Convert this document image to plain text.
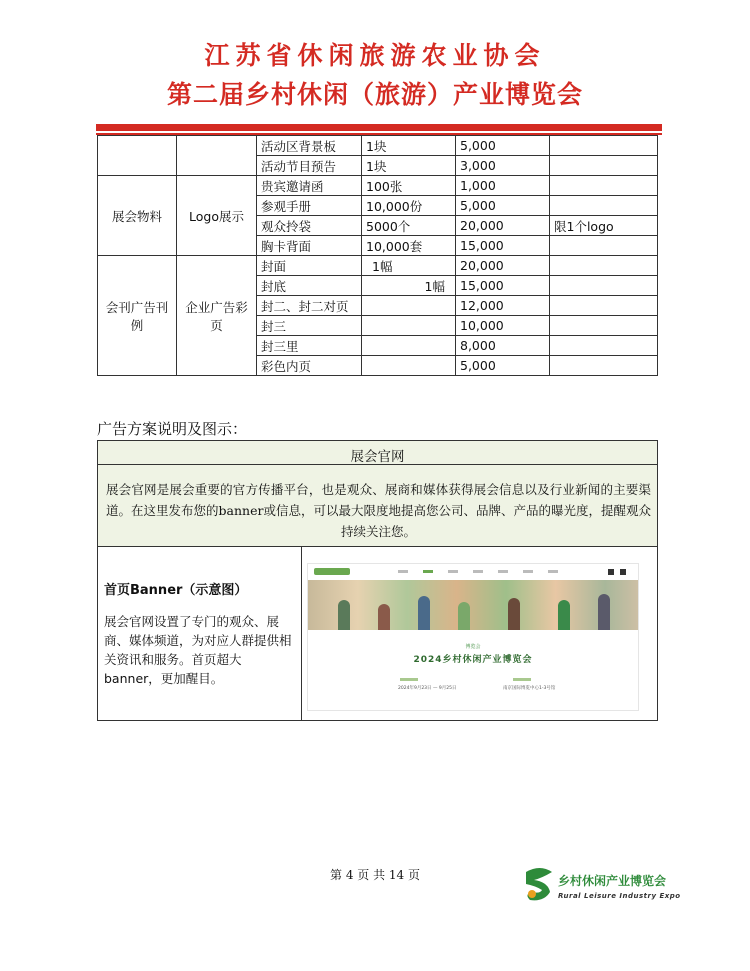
江苏省休闲旅游农业协会
第二届乡村休闲（旅游）产业博览会
		活动区背景板	1块	5,000	
		活动节目预告	1块	3,000	
展会物料	Logo展示	贵宾邀请函	100张	1,000	
		参观手册	10,000份	5,000	
		观众拎袋	5000个	20,000	限1个logo
		胸卡背面	10,000套	15,000	
会刊广告刊例	企业广告彩页	封面	1幅	20,000	
		封底	1幅	15,000	
		封二、封二对页		12,000	
		封三		10,000	
		封三里		8,000	
		彩色内页		5,000	
广告方案说明及图示：
展会官网
展会官网是展会重要的官方传播平台，也是观众、展商和媒体获得展会信息以及行业新闻的主要渠道。在这里发布您的banner或信息，可以最大限度地提高您公司、品牌、产品的曝光度，提醒观众持续关注您。
首页Banner（示意图）
展会官网设置了专门的观众、展商、媒体频道，为对应人群提供相关资讯和服务。首页超大banner，更加醒目。
博览会
2024乡村休闲产业博览会
2024年9月23日 — 9月25日	南京国际博览中心1-3号馆
第 4 页 共 14 页	乡村休闲产业博览会
Rural Leisure Industry Expo
